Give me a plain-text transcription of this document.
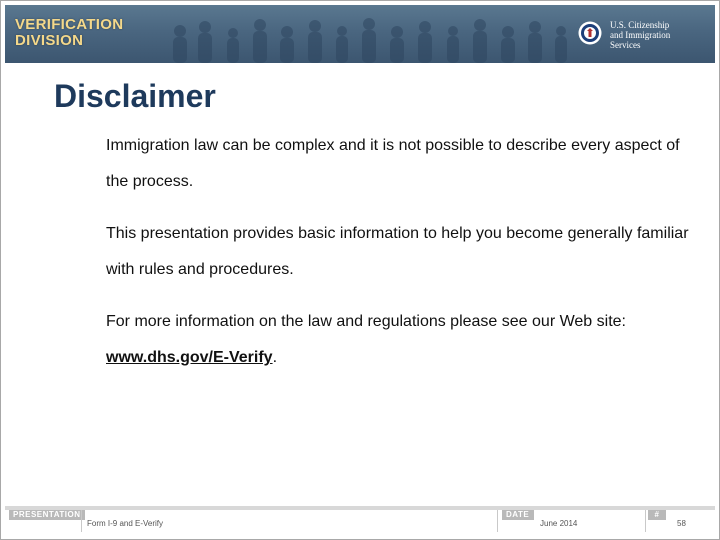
VERIFICATION
DIVISION
U.S. Citizenship
and Immigration
Services
Disclaimer

Immigration law can be complex and it is not possible to describe every aspect of the process.

This presentation provides basic information to help you become generally familiar with rules and procedures.

For more information on the law and regulations please see our Web site: www.dhs.gov/E-Verify.

PRESENTATION
Form I-9 and E-Verify
DATE
June 2014
#
58
